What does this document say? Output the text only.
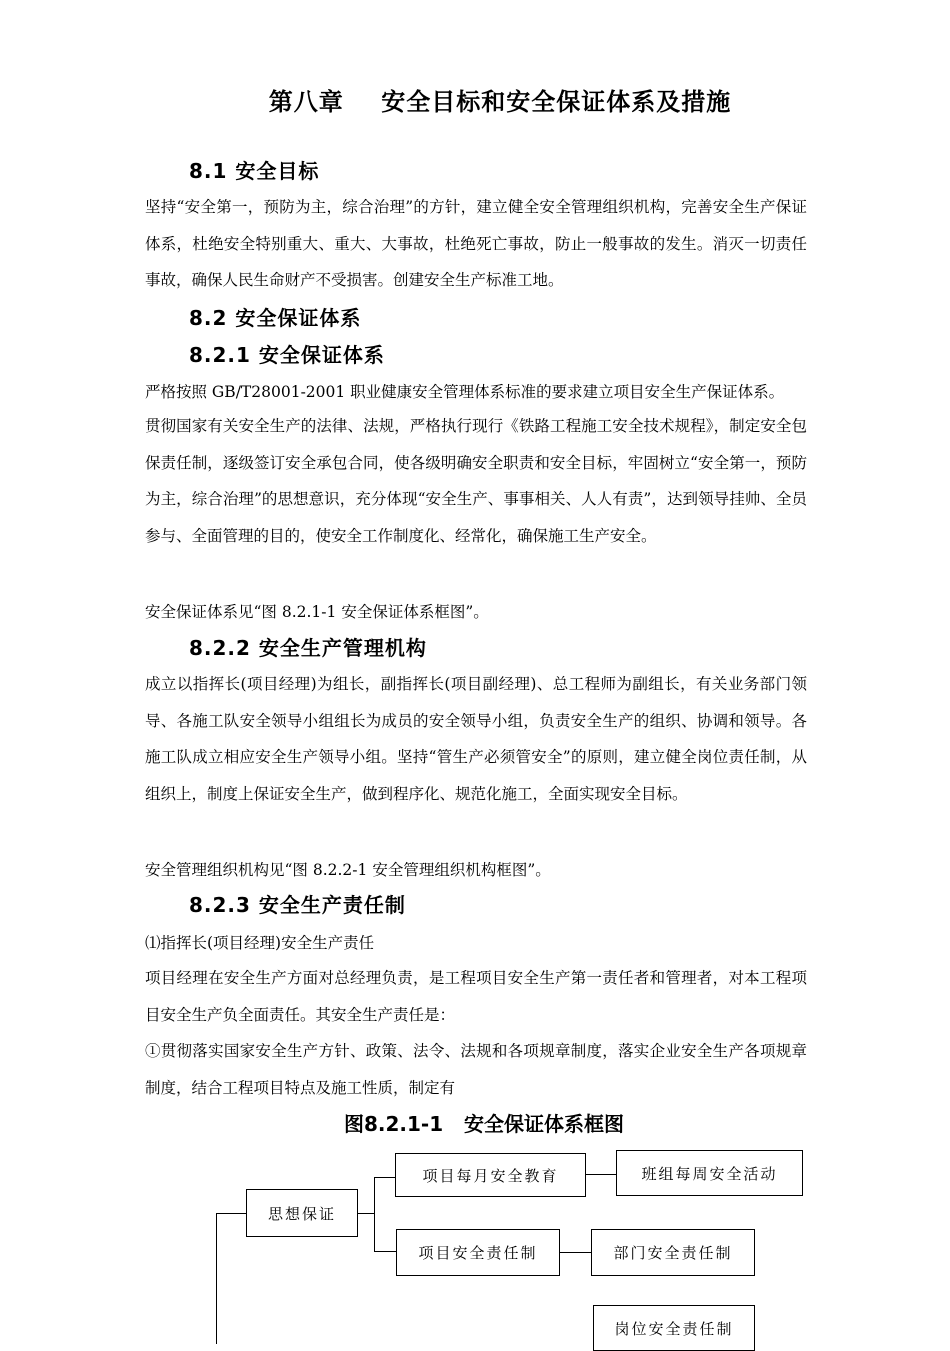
第八章    安全目标和安全保证体系及措施
8.1 安全目标

坚持“安全第一，预防为主，综合治理”的方针，建立健全安全管理组织机构，完善安全生产保证体系，杜绝安全特别重大、重大、大事故，杜绝死亡事故，防止一般事故的发生。消灭一切责任事故，确保人民生命财产不受损害。创建安全生产标准工地。

8.2 安全保证体系
8.2.1 安全保证体系
严格按照 GB/T28001-2001 职业健康安全管理体系标准的要求建立项目安全生产保证体系。

贯彻国家有关安全生产的法律、法规，严格执行现行《铁路工程施工安全技术规程》，制定安全包保责任制，逐级签订安全承包合同，使各级明确安全职责和安全目标，牢固树立“安全第一，预防为主，综合治理”的思想意识，充分体现“安全生产、事事相关、人人有责”，达到领导挂帅、全员参与、全面管理的目的，使安全工作制度化、经常化，确保施工生产安全。

安全保证体系见“图 8.2.1-1 安全保证体系框图”。
8.2.2 安全生产管理机构

成立以指挥长(项目经理)为组长，副指挥长(项目副经理)、总工程师为副组长，有关业务部门领导、各施工队安全领导小组组长为成员的安全领导小组，负责安全生产的组织、协调和领导。各施工队成立相应安全生产领导小组。坚持“管生产必须管安全”的原则，建立健全岗位责任制，从组织上，制度上保证安全生产，做到程序化、规范化施工，全面实现安全目标。

安全管理组织机构见“图 8.2.2-1 安全管理组织机构框图”。
8.2.3 安全生产责任制
⑴指挥长(项目经理)安全生产责任

项目经理在安全生产方面对总经理负责，是工程项目安全生产第一责任者和管理者，对本工程项目安全生产负全面责任。其安全生产责任是：

①贯彻落实国家安全生产方针、政策、法令、法规和各项规章制度，落实企业安全生产各项规章制度，结合工程项目特点及施工性质，制定有

图8.2.1-1   安全保证体系框图
思想保证
项目每月安全教育	班组每周安全活动
项目安全责任制	部门安全责任制
岗位安全责任制
